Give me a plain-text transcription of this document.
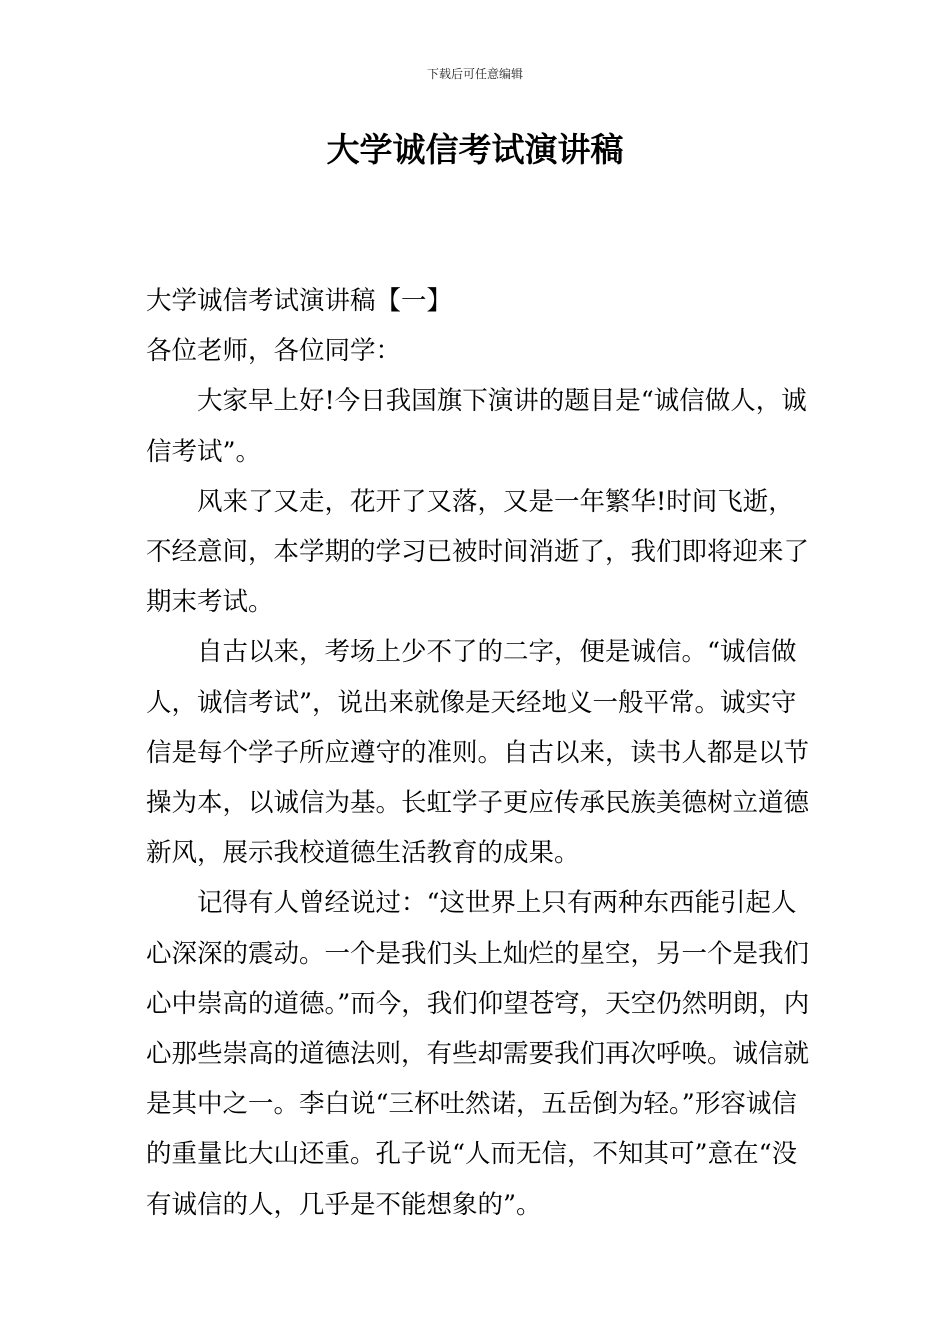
下载后可任意编辑
大学诚信考试演讲稿

大学诚信考试演讲稿【一】

各位老师，各位同学：

大家早上好!今日我国旗下演讲的题目是“诚信做人，诚信考试”。

风来了又走，花开了又落，又是一年繁华!时间飞逝，不经意间，本学期的学习已被时间消逝了，我们即将迎来了期末考试。

自古以来，考场上少不了的二字，便是诚信。“诚信做人，诚信考试”，说出来就像是天经地义一般平常。诚实守信是每个学子所应遵守的准则。自古以来，读书人都是以节操为本，以诚信为基。长虹学子更应传承民族美德树立道德新风，展示我校道德生活教育的成果。

记得有人曾经说过：“这世界上只有两种东西能引起人心深深的震动。一个是我们头上灿烂的星空，另一个是我们心中崇高的道德。”而今，我们仰望苍穹，天空仍然明朗，内心那些崇高的道德法则，有些却需要我们再次呼唤。诚信就是其中之一。李白说“三杯吐然诺，五岳倒为轻。”形容诚信的重量比大山还重。孔子说“人而无信，不知其可”意在“没有诚信的人，几乎是不能想象的”。
